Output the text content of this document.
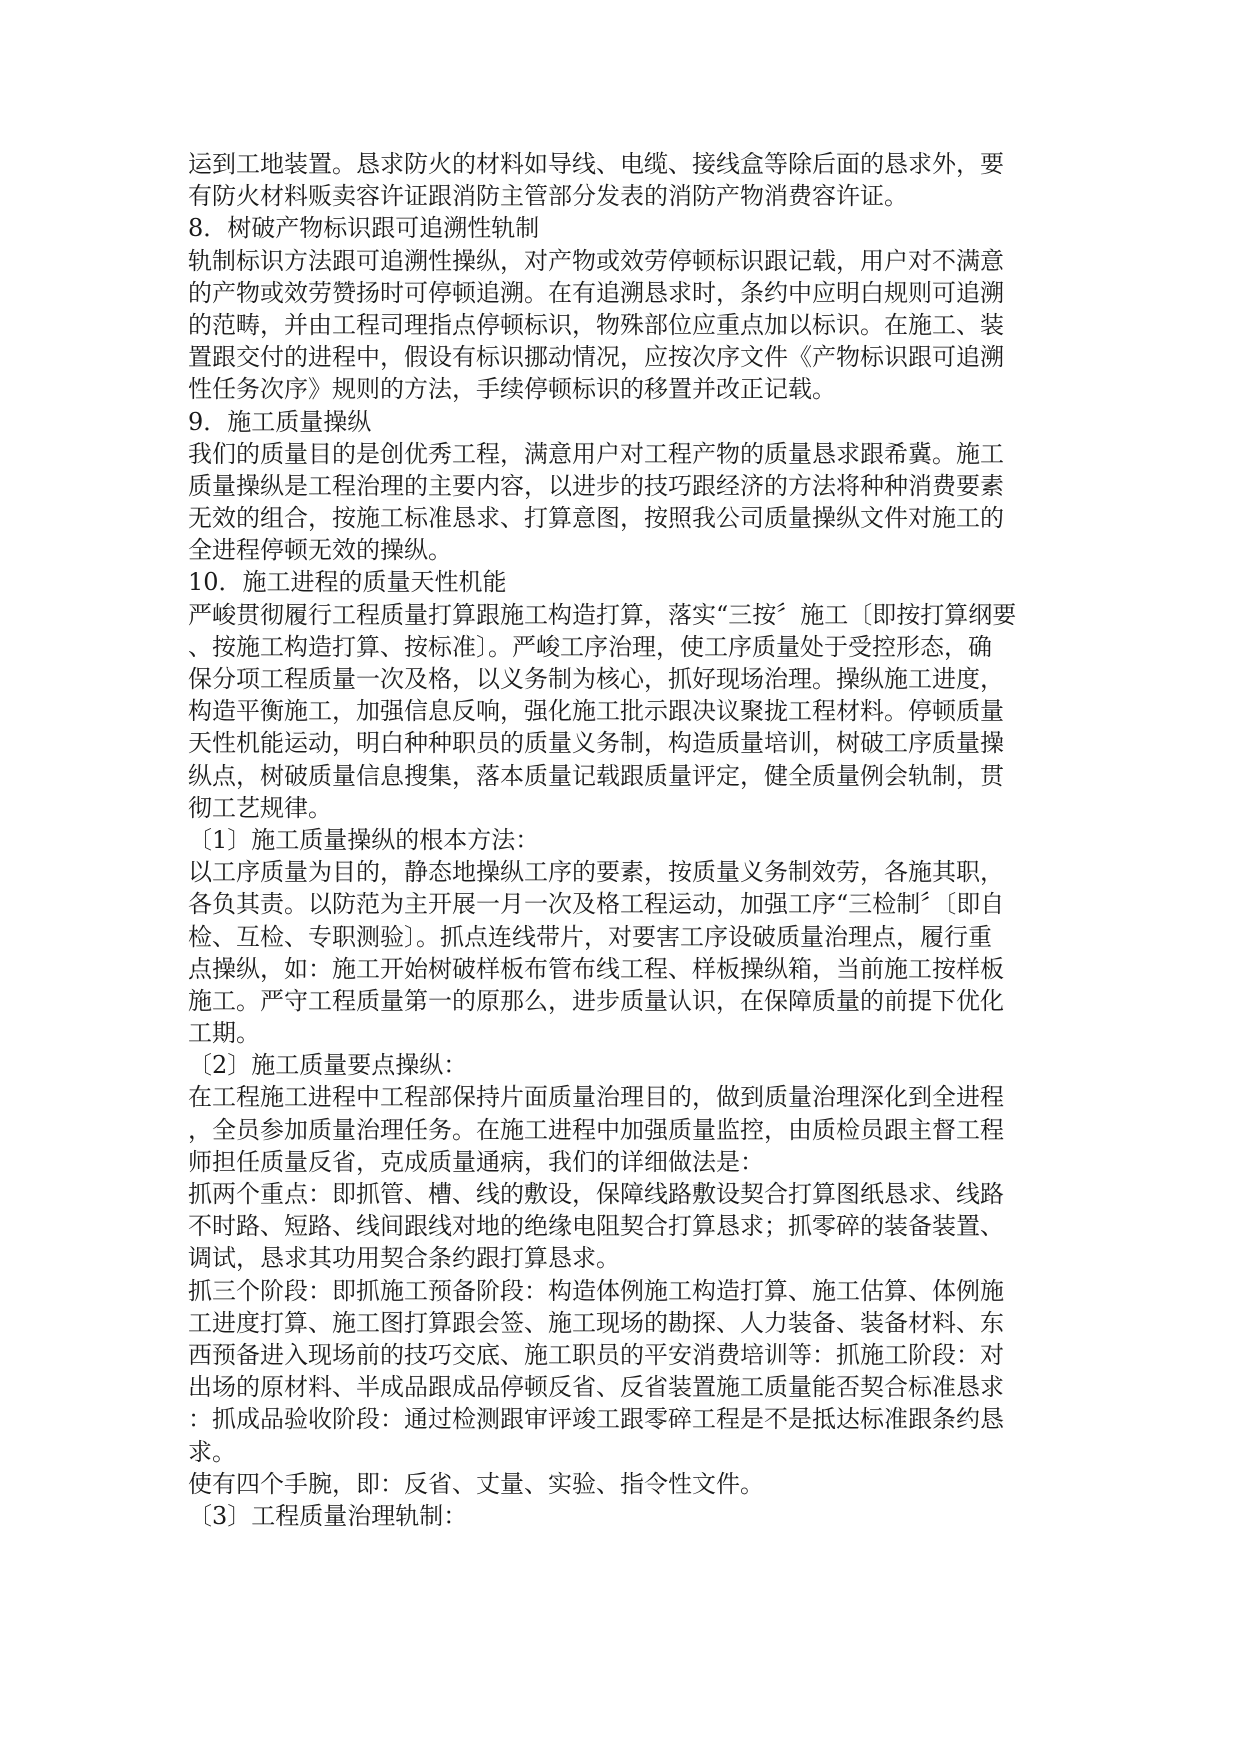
运到工地装置。恳求防火的材料如导线、电缆、接线盒等除后面的恳求外，要
有防火材料贩卖容许证跟消防主管部分发表的消防产物消费容许证。
8．树破产物标识跟可追溯性轨制
轨制标识方法跟可追溯性操纵，对产物或效劳停顿标识跟记载，用户对不满意
的产物或效劳赞扬时可停顿追溯。在有追溯恳求时，条约中应明白规则可追溯
的范畴，并由工程司理指点停顿标识，物殊部位应重点加以标识。在施工、装
置跟交付的进程中，假设有标识挪动情况，应按次序文件《产物标识跟可追溯
性任务次序》规则的方法，手续停顿标识的移置并改正记载。
9．施工质量操纵
我们的质量目的是创优秀工程，满意用户对工程产物的质量恳求跟希冀。施工
质量操纵是工程治理的主要内容，以进步的技巧跟经济的方法将种种消费要素
无效的组合，按施工标准恳求、打算意图，按照我公司质量操纵文件对施工的
全进程停顿无效的操纵。
10．施工进程的质量天性机能
严峻贯彻履行工程质量打算跟施工构造打算，落实“三按〞施工〔即按打算纲要
、按施工构造打算、按标准〕。严峻工序治理，使工序质量处于受控形态，确
保分项工程质量一次及格，以义务制为核心，抓好现场治理。操纵施工进度，
构造平衡施工，加强信息反响，强化施工批示跟决议聚拢工程材料。停顿质量
天性机能运动，明白种种职员的质量义务制，构造质量培训，树破工序质量操
纵点，树破质量信息搜集，落本质量记载跟质量评定，健全质量例会轨制，贯
彻工艺规律。
〔1〕施工质量操纵的根本方法：
以工序质量为目的，静态地操纵工序的要素，按质量义务制效劳，各施其职，
各负其责。以防范为主开展一月一次及格工程运动，加强工序“三检制〞〔即自
检、互检、专职测验〕。抓点连线带片，对要害工序设破质量治理点，履行重
点操纵，如：施工开始树破样板布管布线工程、样板操纵箱，当前施工按样板
施工。严守工程质量第一的原那么，进步质量认识，在保障质量的前提下优化
工期。
〔2〕施工质量要点操纵：
在工程施工进程中工程部保持片面质量治理目的，做到质量治理深化到全进程
，全员参加质量治理任务。在施工进程中加强质量监控，由质检员跟主督工程
师担任质量反省，克成质量通病，我们的详细做法是：
抓两个重点：即抓管、槽、线的敷设，保障线路敷设契合打算图纸恳求、线路
不时路、短路、线间跟线对地的绝缘电阻契合打算恳求；抓零碎的装备装置、
调试，恳求其功用契合条约跟打算恳求。
抓三个阶段：即抓施工预备阶段：构造体例施工构造打算、施工估算、体例施
工进度打算、施工图打算跟会签、施工现场的勘探、人力装备、装备材料、东
西预备进入现场前的技巧交底、施工职员的平安消费培训等：抓施工阶段：对
出场的原材料、半成品跟成品停顿反省、反省装置施工质量能否契合标准恳求
：抓成品验收阶段：通过检测跟审评竣工跟零碎工程是不是抵达标准跟条约恳
求。
使有四个手腕，即：反省、丈量、实验、指令性文件。
〔3〕工程质量治理轨制：
